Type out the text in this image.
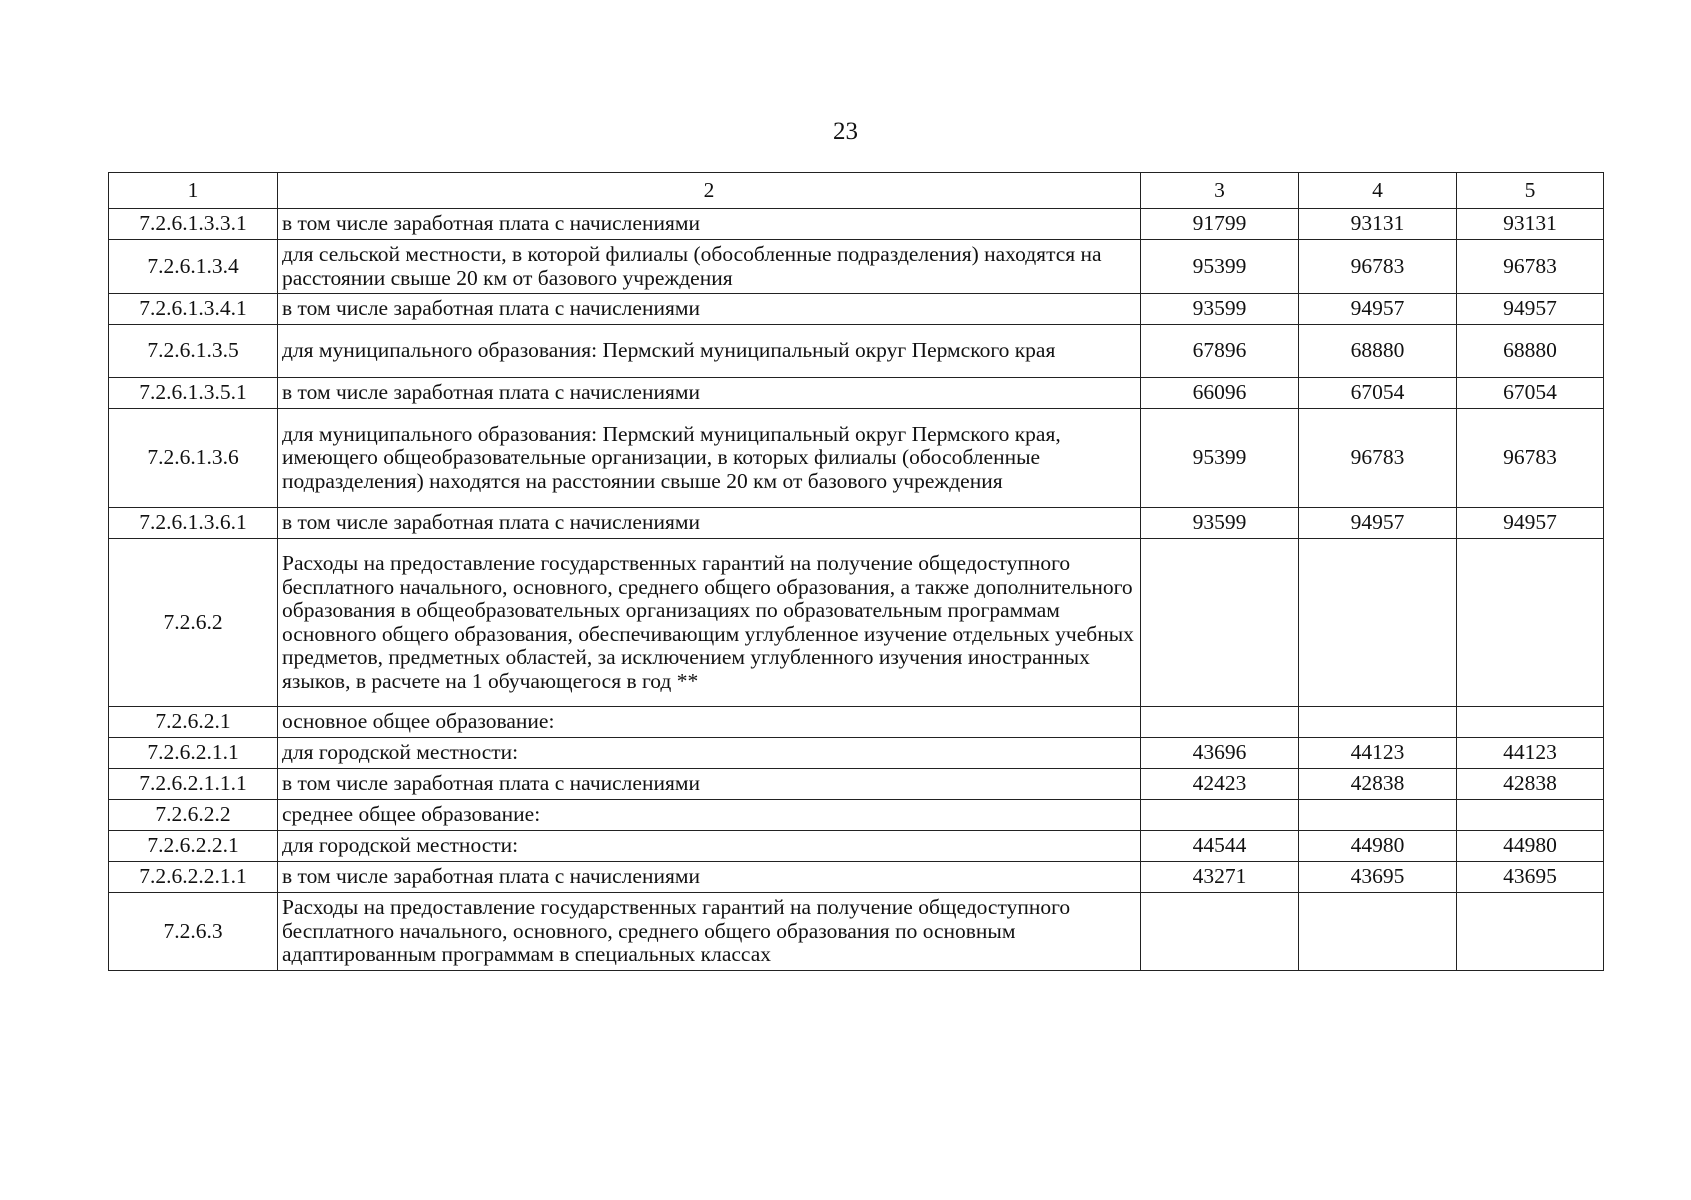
23
1	2	3	4	5
7.2.6.1.3.3.1	в том числе заработная плата с начислениями	91799	93131	93131
7.2.6.1.3.4	для сельской местности, в которой филиалы (обособленные подразделения) находятся на расстоянии свыше 20 км от базового учреждения	95399	96783	96783
7.2.6.1.3.4.1	в том числе заработная плата с начислениями	93599	94957	94957
7.2.6.1.3.5	для муниципального образования: Пермский муниципальный округ Пермского края	67896	68880	68880
7.2.6.1.3.5.1	в том числе заработная плата с начислениями	66096	67054	67054
7.2.6.1.3.6	для муниципального образования: Пермский муниципальный округ Пермского края, имеющего общеобразовательные организации, в которых филиалы (обособленные подразделения) находятся на расстоянии свыше 20 км от базового учреждения	95399	96783	96783
7.2.6.1.3.6.1	в том числе заработная плата с начислениями	93599	94957	94957
7.2.6.2	Расходы на предоставление государственных гарантий на получение общедоступного бесплатного начального, основного, среднего общего образования, а также дополнительного образования в общеобразовательных организациях по образовательным программам основного общего образования, обеспечивающим углубленное изучение отдельных учебных предметов, предметных областей, за исключением углубленного изучения иностранных языков, в расчете на 1 обучающегося в год **			
7.2.6.2.1	основное общее образование:			
7.2.6.2.1.1	для городской местности:	43696	44123	44123
7.2.6.2.1.1.1	в том числе заработная плата с начислениями	42423	42838	42838
7.2.6.2.2	среднее общее образование:			
7.2.6.2.2.1	для городской местности:	44544	44980	44980
7.2.6.2.2.1.1	в том числе заработная плата с начислениями	43271	43695	43695
7.2.6.3	Расходы на предоставление государственных гарантий на получение общедоступного бесплатного начального, основного, среднего общего образования по основным адаптированным программам в специальных классах			
